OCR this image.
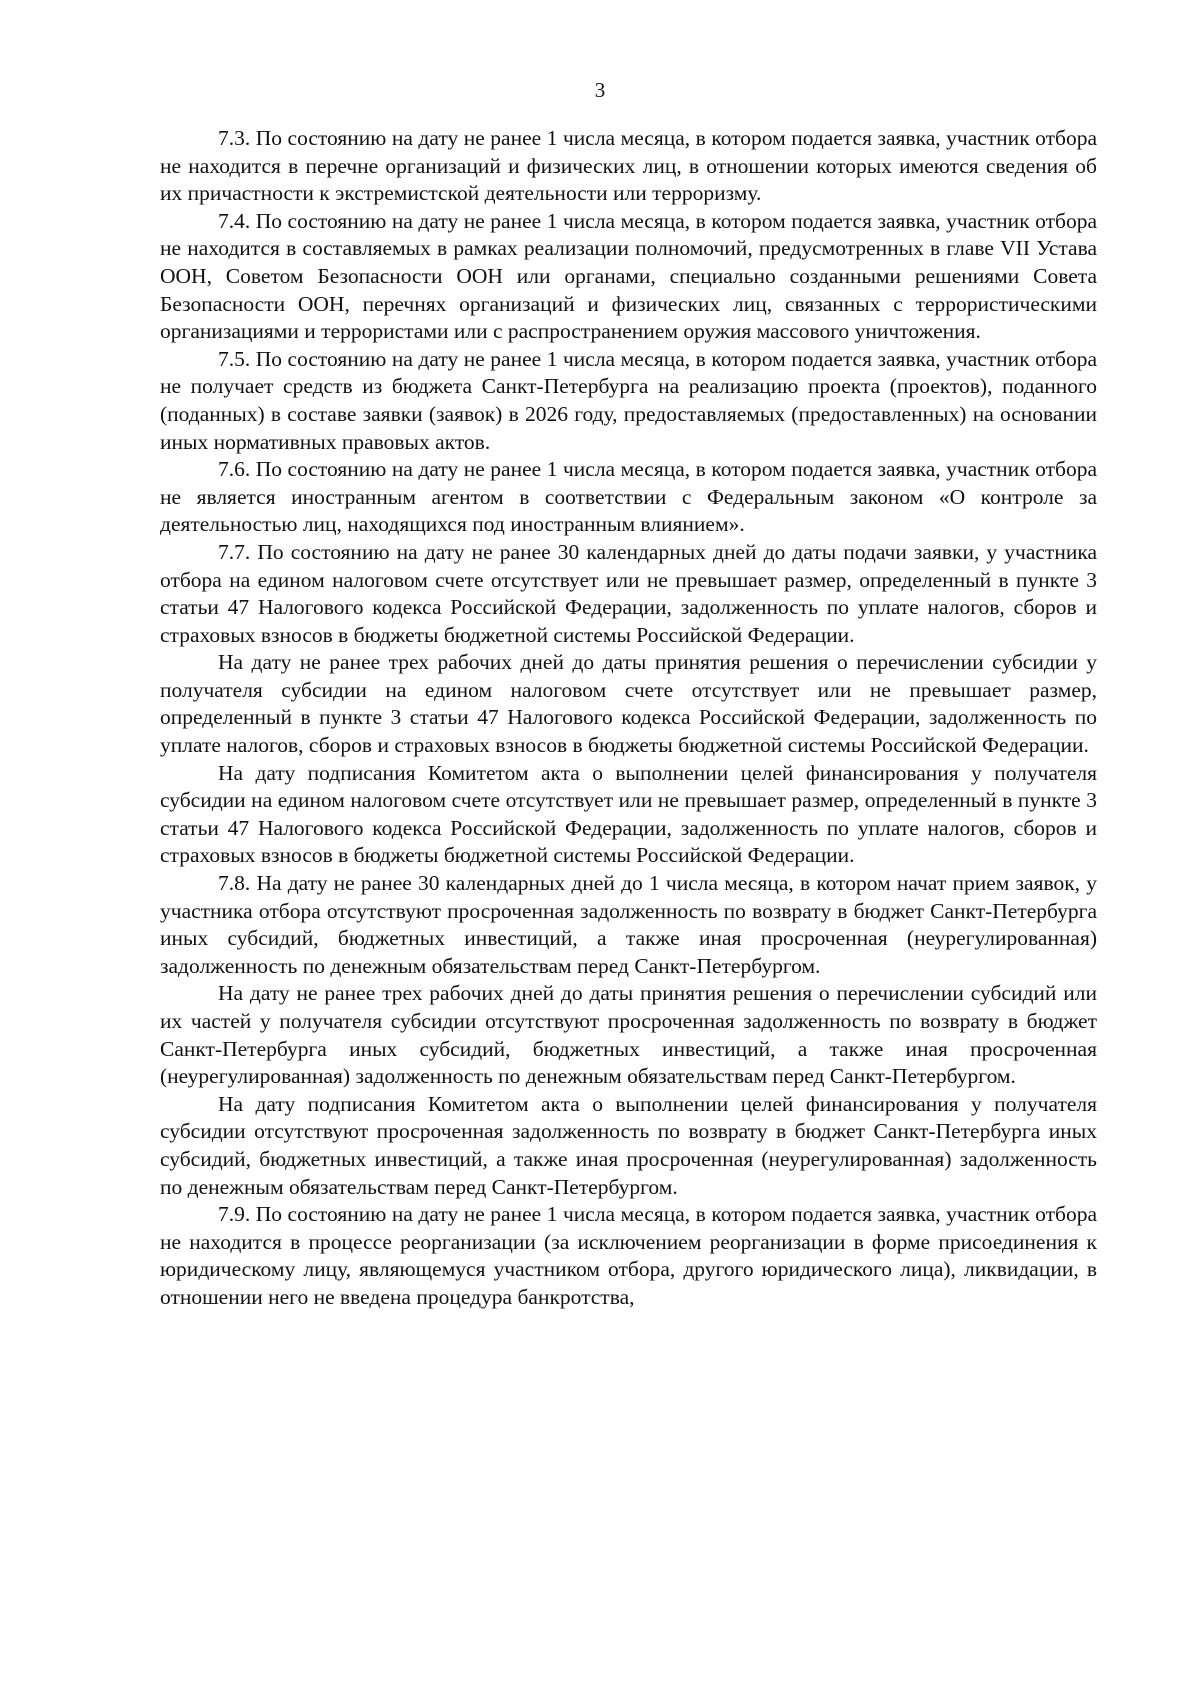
3

7.3. По состоянию на дату не ранее 1 числа месяца, в котором подается заявка, участник отбора не находится в перечне организаций и физических лиц, в отношении которых имеются сведения об их причастности к экстремистской деятельности или терроризму.

7.4. По состоянию на дату не ранее 1 числа месяца, в котором подается заявка, участник отбора не находится в составляемых в рамках реализации полномочий, предусмотренных в главе VII Устава ООН, Советом Безопасности ООН или органами, специально созданными решениями Совета Безопасности ООН, перечнях организаций и физических лиц, связанных с террористическими организациями и террористами или с распространением оружия массового уничтожения.

7.5. По состоянию на дату не ранее 1 числа месяца, в котором подается заявка, участник отбора не получает средств из бюджета Санкт-Петербурга на реализацию проекта (проектов), поданного (поданных) в составе заявки (заявок) в 2026 году, предоставляемых (предоставленных) на основании иных нормативных правовых актов.

7.6. По состоянию на дату не ранее 1 числа месяца, в котором подается заявка, участник отбора не является иностранным агентом в соответствии с Федеральным законом «О контроле за деятельностью лиц, находящихся под иностранным влиянием».

7.7. По состоянию на дату не ранее 30 календарных дней до даты подачи заявки, у участника отбора на едином налоговом счете отсутствует или не превышает размер, определенный в пункте 3 статьи 47 Налогового кодекса Российской Федерации, задолженность по уплате налогов, сборов и страховых взносов в бюджеты бюджетной системы Российской Федерации.

На дату не ранее трех рабочих дней до даты принятия решения о перечислении субсидии у получателя субсидии на едином налоговом счете отсутствует или не превышает размер, определенный в пункте 3 статьи 47 Налогового кодекса Российской Федерации, задолженность по уплате налогов, сборов и страховых взносов в бюджеты бюджетной системы Российской Федерации.

На дату подписания Комитетом акта о выполнении целей финансирования у получателя субсидии на едином налоговом счете отсутствует или не превышает размер, определенный в пункте 3 статьи 47 Налогового кодекса Российской Федерации, задолженность по уплате налогов, сборов и страховых взносов в бюджеты бюджетной системы Российской Федерации.

7.8. На дату не ранее 30 календарных дней до 1 числа месяца, в котором начат прием заявок, у участника отбора отсутствуют просроченная задолженность по возврату в бюджет Санкт-Петербурга иных субсидий, бюджетных инвестиций, а также иная просроченная (неурегулированная) задолженность по денежным обязательствам перед Санкт-Петербургом.

На дату не ранее трех рабочих дней до даты принятия решения о перечислении субсидий или их частей у получателя субсидии отсутствуют просроченная задолженность по возврату в бюджет Санкт-Петербурга иных субсидий, бюджетных инвестиций, а также иная просроченная (неурегулированная) задолженность по денежным обязательствам перед Санкт-Петербургом.

На дату подписания Комитетом акта о выполнении целей финансирования у получателя субсидии отсутствуют просроченная задолженность по возврату в бюджет Санкт-Петербурга иных субсидий, бюджетных инвестиций, а также иная просроченная (неурегулированная) задолженность по денежным обязательствам перед Санкт-Петербургом.

7.9. По состоянию на дату не ранее 1 числа месяца, в котором подается заявка, участник отбора не находится в процессе реорганизации (за исключением реорганизации в форме присоединения к юридическому лицу, являющемуся участником отбора, другого юридического лица), ликвидации, в отношении него не введена процедура банкротства,
